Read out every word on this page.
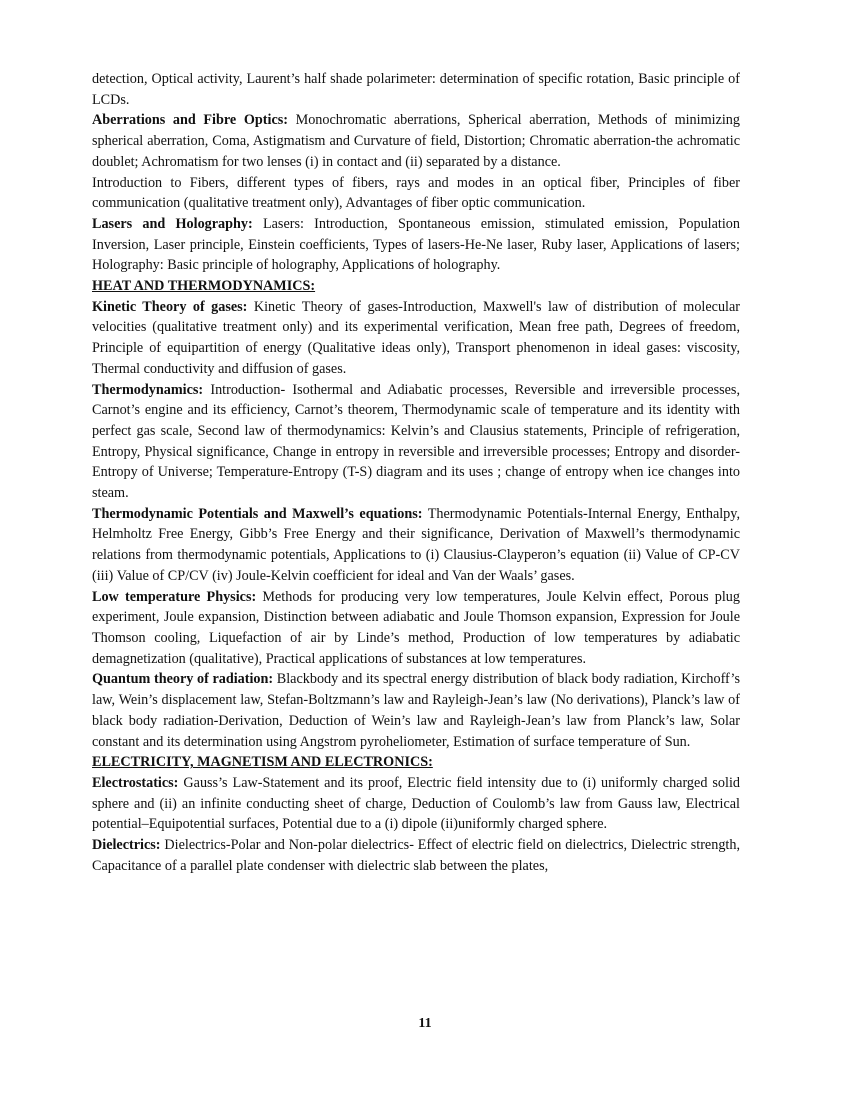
detection, Optical activity, Laurent’s half shade polarimeter: determination of specific rotation, Basic principle of LCDs.

Aberrations and Fibre Optics: Monochromatic aberrations, Spherical aberration, Methods of minimizing spherical aberration, Coma, Astigmatism and Curvature of field, Distortion; Chromatic aberration-the achromatic doublet; Achromatism for two lenses (i) in contact and (ii) separated by a distance.

Introduction to Fibers, different types of fibers, rays and modes in an optical fiber, Principles of fiber communication (qualitative treatment only), Advantages of fiber optic communication.

Lasers and Holography: Lasers: Introduction, Spontaneous emission, stimulated emission, Population Inversion, Laser principle, Einstein coefficients, Types of lasers-He-Ne laser, Ruby laser, Applications of lasers; Holography: Basic principle of holography, Applications of holography.

HEAT AND THERMODYNAMICS:

Kinetic Theory of gases: Kinetic Theory of gases-Introduction, Maxwell's law of distribution of molecular velocities (qualitative treatment only) and its experimental verification, Mean free path, Degrees of freedom, Principle of equipartition of energy (Qualitative ideas only), Transport phenomenon in ideal gases: viscosity, Thermal conductivity and diffusion of gases.

Thermodynamics: Introduction- Isothermal and Adiabatic processes, Reversible and irreversible processes, Carnot’s engine and its efficiency, Carnot’s theorem, Thermodynamic scale of temperature and its identity with perfect gas scale, Second law of thermodynamics: Kelvin’s and Clausius statements, Principle of refrigeration, Entropy, Physical significance, Change in entropy in reversible and irreversible processes; Entropy and disorder-Entropy of Universe; Temperature-Entropy (T-S) diagram and its uses ; change of entropy when ice changes into steam.

Thermodynamic Potentials and Maxwell’s equations: Thermodynamic Potentials-Internal Energy, Enthalpy, Helmholtz Free Energy, Gibb’s Free Energy and their significance, Derivation of Maxwell’s thermodynamic relations from thermodynamic potentials, Applications to (i) Clausius-Clayperon’s equation (ii) Value of CP-CV (iii) Value of CP/CV (iv) Joule-Kelvin coefficient for ideal and Van der Waals’ gases.

Low temperature Physics: Methods for producing very low temperatures, Joule Kelvin effect, Porous plug experiment, Joule expansion, Distinction between adiabatic and Joule Thomson expansion, Expression for Joule Thomson cooling, Liquefaction of air by Linde’s method, Production of low temperatures by adiabatic demagnetization (qualitative), Practical applications of substances at low temperatures.

Quantum theory of radiation: Blackbody and its spectral energy distribution of black body radiation, Kirchoff’s law, Wein’s displacement law, Stefan-Boltzmann’s law and Rayleigh-Jean’s law (No derivations), Planck’s law of black body radiation-Derivation, Deduction of Wein’s law and Rayleigh-Jean’s law from Planck’s law, Solar constant and its determination using Angstrom pyroheliometer, Estimation of surface temperature of Sun.

ELECTRICITY, MAGNETISM AND ELECTRONICS:

Electrostatics: Gauss’s Law-Statement and its proof, Electric field intensity due to (i) uniformly charged solid sphere and (ii) an infinite conducting sheet of charge, Deduction of Coulomb’s law from Gauss law, Electrical potential–Equipotential surfaces, Potential due to a (i) dipole (ii)uniformly charged sphere.

Dielectrics: Dielectrics-Polar and Non-polar dielectrics- Effect of electric field on dielectrics, Dielectric strength, Capacitance of a parallel plate condenser with dielectric slab between the plates,

11
